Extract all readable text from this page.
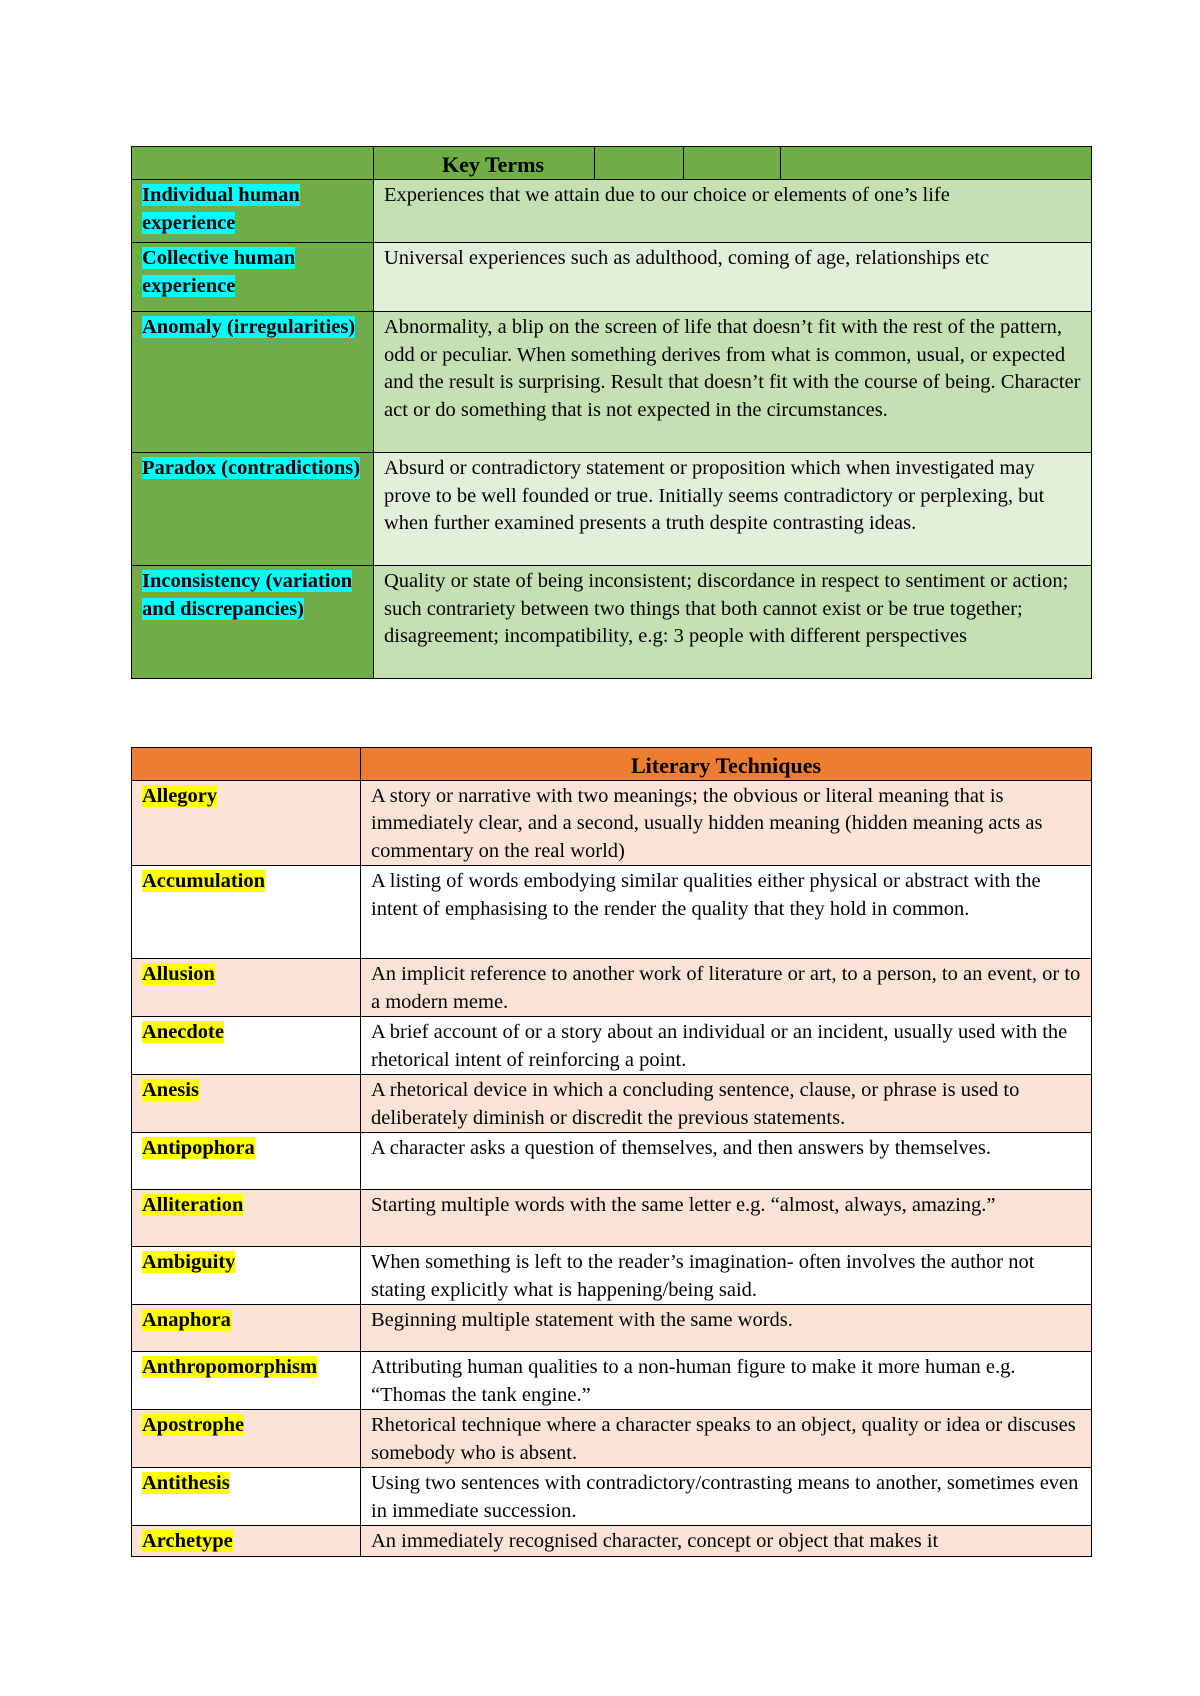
	Key Terms

Individual human experience	Experiences that we attain due to our choice or elements of one’s life
Collective human experience	Universal experiences such as adulthood, coming of age, relationships etc
Anomaly (irregularities)	Abnormality, a blip on the screen of life that doesn’t fit with the rest of the pattern, odd or peculiar. When something derives from what is common, usual, or expected and the result is surprising. Result that doesn’t fit with the course of being. Character act or do something that is not expected in the circumstances.
Paradox (contradictions)	Absurd or contradictory statement or proposition which when investigated may prove to be well founded or true. Initially seems contradictory or perplexing, but when further examined presents a truth despite contrasting ideas.
Inconsistency (variation and discrepancies)	Quality or state of being inconsistent; discordance in respect to sentiment or action; such contrariety between two things that both cannot exist or be true together; disagreement; incompatibility, e.g: 3 people with different perspectives
	Literary Techniques
Allegory	A story or narrative with two meanings; the obvious or literal meaning that is immediately clear, and a second, usually hidden meaning (hidden meaning acts as commentary on the real world)
Accumulation	A listing of words embodying similar qualities either physical or abstract with the intent of emphasising to the render the quality that they hold in common.
Allusion	An implicit reference to another work of literature or art, to a person, to an event, or to a modern meme.
Anecdote	A brief account of or a story about an individual or an incident, usually used with the rhetorical intent of reinforcing a point.
Anesis	A rhetorical device in which a concluding sentence, clause, or phrase is used to deliberately diminish or discredit the previous statements.
Antipophora	A character asks a question of themselves, and then answers by themselves.
Alliteration	Starting multiple words with the same letter e.g. “almost, always, amazing.”
Ambiguity	When something is left to the reader’s imagination- often involves the author not stating explicitly what is happening/being said.
Anaphora	Beginning multiple statement with the same words.
Anthropomorphism	Attributing human qualities to a non-human figure to make it more human e.g. “Thomas the tank engine.”
Apostrophe	Rhetorical technique where a character speaks to an object, quality or idea or discuses somebody who is absent.
Antithesis	Using two sentences with contradictory/contrasting means to another, sometimes even in immediate succession.
Archetype	An immediately recognised character, concept or object that makes it
